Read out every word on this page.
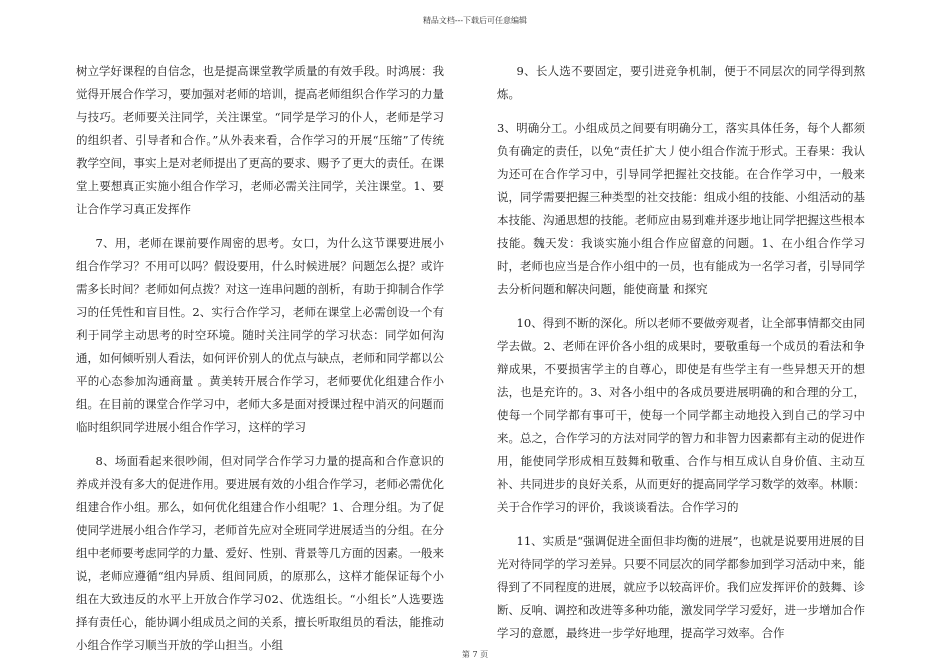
精品文档---下载后可任意编辑

树立学好课程的自信念，也是提高课堂教学质量的有效手段。时鸿展：我觉得开展合作学习，要加强对老师的培训，提高老师组织合作学习的力量与技巧。老师要关注同学，关注课堂。“同学是学习的仆人，老师是学习的组织者、引导者和合作。”从外表来看，合作学习的开展“压缩”了传统教学空间，事实上是对老师提出了更高的要求、赐予了更大的责任。在课堂上要想真正实施小组合作学习，老师必需关注同学，关注课堂。1、要让合作学习真正发挥作

7、用，老师在课前要作周密的思考。女口，为什么这节课要进展小组合作学习？不用可以吗？假设要用，什么时候进展？问题怎么提？或许需多长时间？老师如何点拨？对这一连串问题的剖析，有助于抑制合作学习的任凭性和盲目性。2、实行合作学习，老师在课堂上必需创设一个有利于同学主动思考的时空环境。随时关注同学的学习状态：同学如何沟通，如何倾听别人看法，如何评价别人的优点与缺点，老师和同学都以公平的心态参加沟通商量 。黄美转开展合作学习，老师要优化组建合作小组。在目前的课堂合作学习中，老师大多是面对授课过程中消灭的问题而临时组织同学进展小组合作学习，这样的学习

8、场面看起来很吵闹，但对同学合作学习力量的提高和合作意识的养成并没有多大的促进作用。要进展有效的小组合作学习，老师必需优化组建合作小组。那么，如何优化组建合作小组呢？1、合理分组。为了促使同学进展小组合作学习，老师首先应对全班同学进展适当的分组。在分组中老师要考虑同学的力量、爱好、性别、背景等几方面的因素。一般来说，老师应遵循“组内异质、组间同质，的原那么，这样才能保证每个小组在大致违反的水平上开放合作学习02、优选组长。“小组长”人选要选择有责任心，能协调小组成员之间的关系，擅长听取组员的看法，能推动小组合作学习顺当开放的学山担当。小组

9、长人选不要固定，要引进竞争机制，便于不同层次的同学得到熬炼。

3、明确分工。小组成员之间要有明确分工，落实具体任务，每个人都须负有确定的责任，以免“责任扩大丿使小组合作流于形式。王春果：我认为还可在合作学习中，引导同学把握社交技能。在合作学习中，一般来说，同学需要把握三种类型的社交技能：组成小组的技能、小组活动的基本技能、沟通思想的技能。老师应由易到难并逐步地让同学把握这些根本技能。魏天发：我谈实施小组合作应留意的问题。1、在小组合作学习时，老师也应当是合作小组中的一员，也有能成为一名学习者，引导同学去分析问题和解决问题，能使商量 和探究

10、得到不断的深化。所以老师不要做旁观者，让全部事情都交由同学去做。2、老师在评价各小组的成果时，要敬重每一个成员的看法和争辩成果，不要损害学主的自尊心，即使是有些学主有一些异想天开的想法，也是充许的。3、对各小组中的各成员要进展明确的和合理的分工，使每一个同学都有事可干，使每一个同学都主动地投入到自己的学习中来。总之，合作学习的方法对同学的智力和非智力因素都有主动的促进作用，能使同学形成相互鼓舞和敬重、合作与相互成认自身价值、主动互补、共同进步的良好关系，从而更好的提高同学学习数学的效率。林顺：关于合作学习的评价，我谈谈看法。合作学习的

11、实质是“强调促进全面但非均衡的进展”，也就是说要用进展的目光对待同学的学习差异。只要不同层次的同学都参加到学习活动中来，能得到了不同程度的进展，就应予以较高评价。我们应发挥评价的鼓舞、诊断、反响、调控和改进等多种功能，激发同学学习爱好，进一步增加合作学习的意愿，最终进一步学好地理，提高学习效率。合作

第 7 页
